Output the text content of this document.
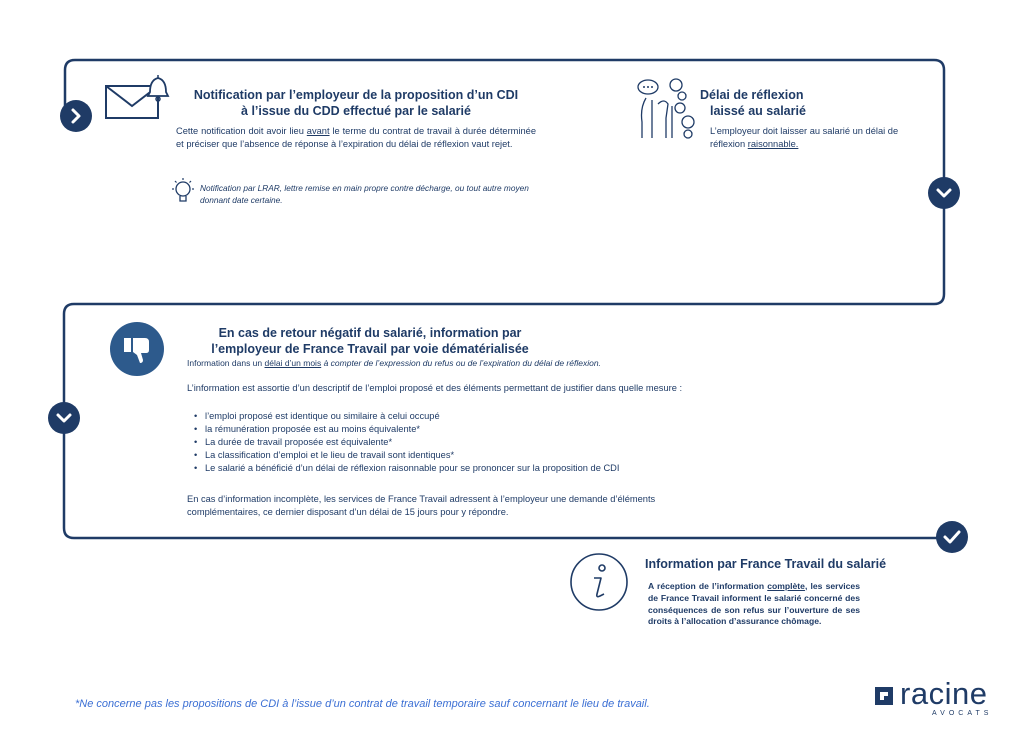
Notification par l’employeur de la proposition d’un CDI
à l’issue du CDD effectué par le salarié
Cette notification doit avoir lieu avant le terme du contrat de travail à durée déterminée et préciser que l’absence de réponse à l’expiration du délai de réflexion vaut rejet.
Notification par LRAR, lettre remise en main propre contre décharge, ou tout autre moyen donnant date certaine.
Délai de réflexion
laissé au salarié
L’employeur doit laisser au salarié un délai de réflexion raisonnable.
En cas de retour négatif du salarié, information par
l’employeur de France Travail par voie dématérialisée
Information dans un délai d’un mois à compter de l’expression du refus ou de l’expiration du délai de réflexion.
L’information est assortie d’un descriptif de l’emploi proposé et des éléments permettant de justifier dans quelle mesure :
• l’emploi proposé est identique ou similaire à celui occupé
• la rémunération proposée est au moins équivalente*
• La durée de travail proposée est équivalente*
• La classification d’emploi et le lieu de travail sont identiques*
• Le salarié a bénéficié d’un délai de réflexion raisonnable pour se prononcer sur la proposition de CDI
En cas d’information incomplète, les services de France Travail adressent à l’employeur une demande d’éléments complémentaires, ce dernier disposant d’un délai de 15 jours pour y répondre.
Information par France Travail du salarié
A réception de l’information complète, les services de France Travail informent le salarié concerné des conséquences de son refus sur l’ouverture de ses droits à l’allocation d’assurance chômage.
*Ne concerne pas les propositions de CDI à l’issue d’un contrat de travail temporaire sauf concernant le lieu de travail.	racine
AVOCATS
